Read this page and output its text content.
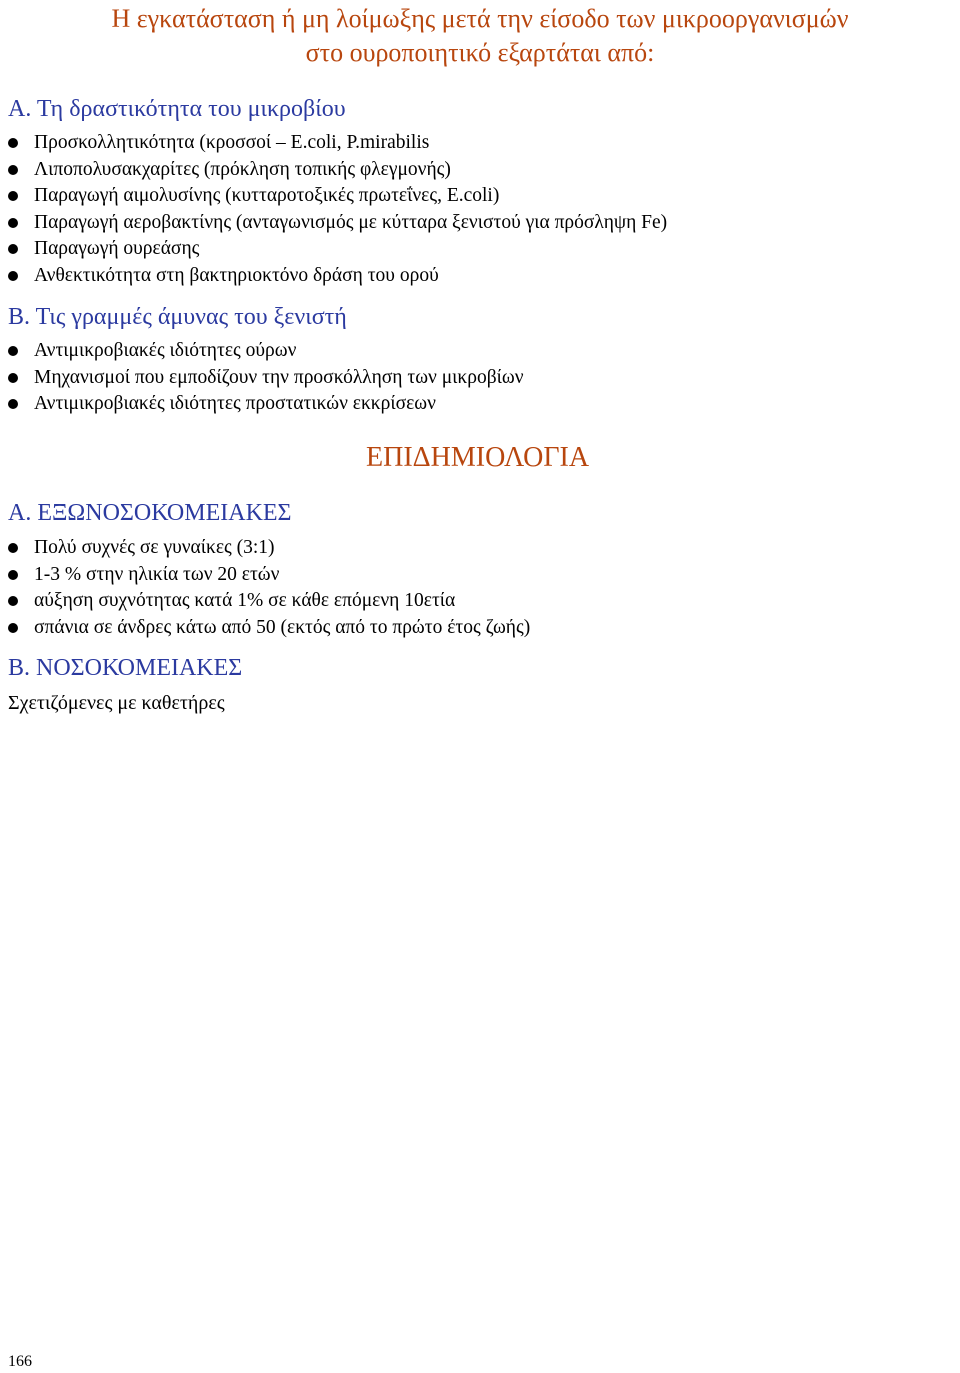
Η εγκατάσταση ή μη λοίμωξης μετά την είσοδο των μικροοργανισμών
στο ουροποιητικό εξαρτάται από:
Α. Τη δραστικότητα του μικροβίου
Προσκολλητικότητα (κροσσοί – E.coli, P.mirabilis
Λιποπολυσακχαρίτες (πρόκληση τοπικής φλεγμονής)
Παραγωγή αιμολυσίνης (κυτταροτοξικές πρωτεΐνες, E.coli)
Παραγωγή αεροβακτίνης (ανταγωνισμός με κύτταρα ξενιστού για πρόσληψη Fe)
Παραγωγή ουρεάσης
Ανθεκτικότητα στη βακτηριοκτόνο δράση του ορού
Β. Τις γραμμές άμυνας του ξενιστή
Αντιμικροβιακές ιδιότητες ούρων
Μηχανισμοί που εμποδίζουν την προσκόλληση των μικροβίων
Αντιμικροβιακές ιδιότητες προστατικών εκκρίσεων
ΕΠΙΔΗΜΙΟΛΟΓΙΑ
Α. ΕΞΩΝΟΣΟΚΟΜΕΙΑΚΕΣ
Πολύ συχνές σε γυναίκες (3:1)
1-3 % στην ηλικία των 20 ετών
αύξηση συχνότητας κατά 1% σε κάθε επόμενη 10ετία
σπάνια σε άνδρες κάτω από 50 (εκτός από το πρώτο έτος ζωής)
Β. ΝΟΣΟΚΟΜΕΙΑΚΕΣ
Σχετιζόμενες με καθετήρες
166
